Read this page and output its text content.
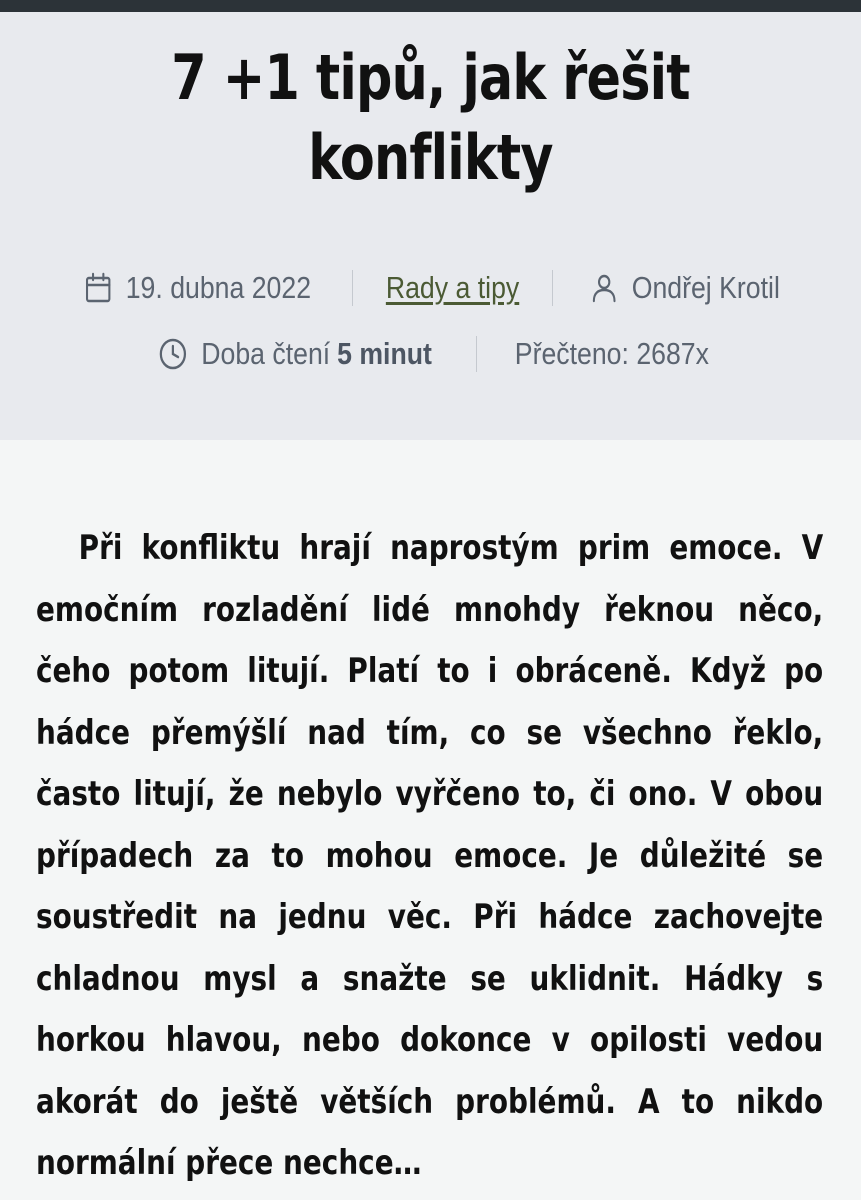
7 +1 tipů, jak řešit konflikty
19. dubna 2022 Rady a tipy	Ondřej Krotil
Doba čtení 5 minut	Přečteno: 2687x

Při konfliktu hrají naprostým prim emoce. V emočním rozladění lidé mnohdy řeknou něco, čeho potom litují. Platí to i obráceně. Když po hádce přemýšlí nad tím, co se všechno řeklo, často litují, že nebylo vyřčeno to, či ono. V obou případech za to mohou emoce. Je důležité se soustředit na jednu věc. Při hádce zachovejte chladnou mysl a snažte se uklidnit. Hádky s horkou hlavou, nebo dokonce v opilosti vedou akorát do ještě větších problémů. A to nikdo normální přece nechce…
